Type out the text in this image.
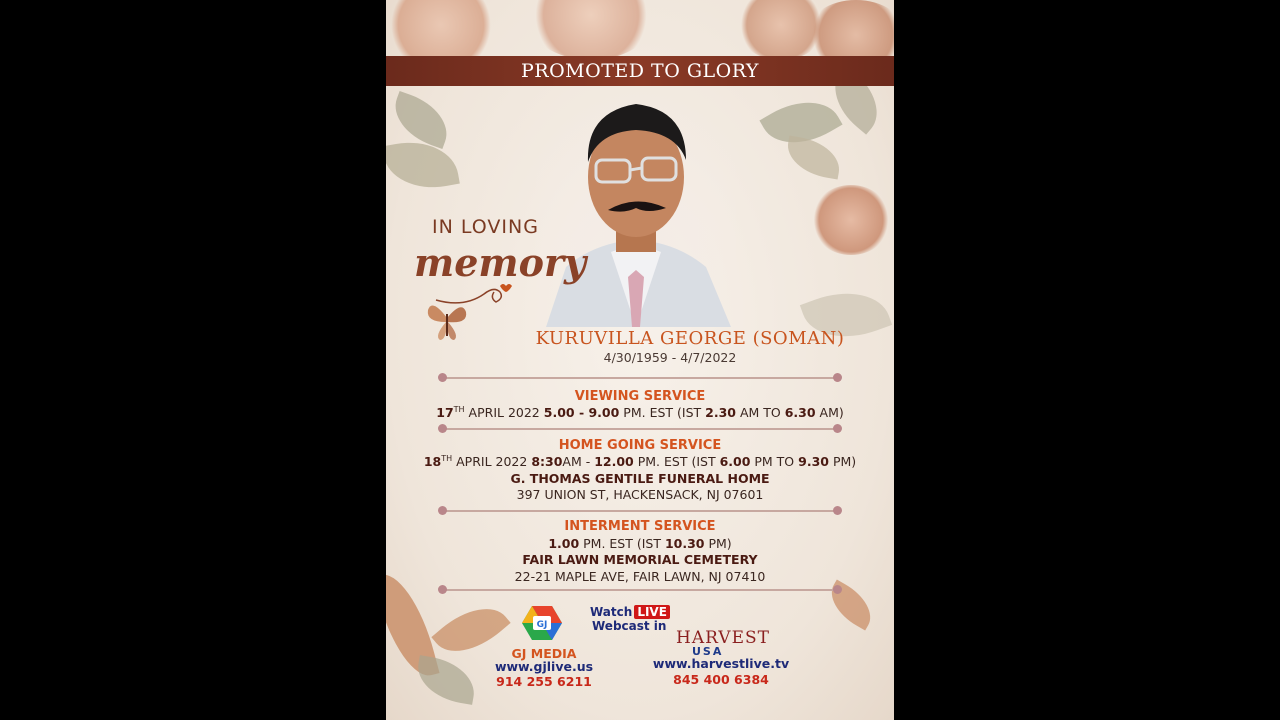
PROMOTED TO GLORY
IN LOVING
memory
KURUVILLA GEORGE (SOMAN)
4/30/1959 - 4/7/2022
VIEWING SERVICE
17TH APRIL 2022 5.00 - 9.00 PM. EST (IST 2.30 AM TO 6.30 AM)
HOME GOING SERVICE
18TH APRIL 2022 8:30AM - 12.00 PM. EST (IST 6.00 PM TO 9.30 PM)
G. THOMAS GENTILE FUNERAL HOME
397 UNION ST, HACKENSACK, NJ 07601
INTERMENT SERVICE
1.00 PM. EST (IST 10.30 PM)
FAIR LAWN MEMORIAL CEMETERY
22-21 MAPLE AVE, FAIR LAWN, NJ 07410
GJ
GJ MEDIA
www.gjlive.us
914 255 6211
Watch LIVE
Webcast in
HARVEST
USA
www.harvestlive.tv
845 400 6384
